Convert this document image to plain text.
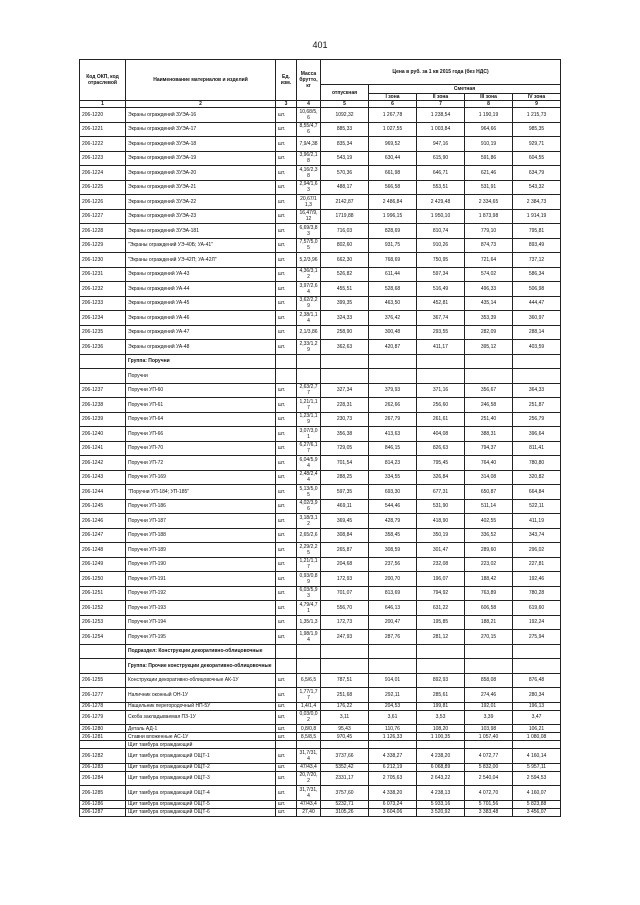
401
Код ОКП, код отраслевой	Наименование материалов и изделий	Ед. изм.	Масса брутто, кг	Цена в руб. за 1 кв 2015 года (без НДС)				
				отпускная	Сметная			
					I зона	II зона	III зона	IV зона
1	2	3	4	5	6	7	8	9
206-1220	Экраны ограждений ЗУЭА-16	шт.	10,68/5,6	1092,32	1 267,78	1 238,54	1 190,19	1 215,73
206-1221	Экраны ограждений ЗУЭА-17	шт.	8,55/4,76	885,33	1 027,55	1 003,84	964,66	985,35
206-1222	Экраны ограждений ЗУЭА-18	шт.	7,9/4,38	835,34	969,52	947,16	910,19	929,71
206-1223	Экраны ограждений ЗУЭА-19	шт.	3,96/2,18	543,19	630,44	615,90	591,86	604,55
206-1224	Экраны ограждений ЗУЭА-20	шт.	4,16/2,38	570,36	661,98	646,71	621,46	634,79
206-1225	Экраны ограждений ЗУЭА-21	шт.	2,94/1,63	488,17	566,58	553,51	531,91	543,32
206-1226	Экраны ограждений ЗУЭА-22	шт.	20,67/11,3	2142,87	2 486,84	2 429,48	2 334,65	2 384,73
206-1227	Экраны ограждений ЗУЭА-23	шт.	16,47/9,12	1719,88	1 996,15	1 950,10	1 873,98	1 914,19
206-1228	Экраны ограждений ЗУЭА-181	шт.	6,69/3,83	716,03	828,69	810,74	779,10	795,81
206-1229	"Экраны ограждений УЭ-40Б; УА-41"	шт.	7,57/5,05	802,60	931,75	910,26	874,73	893,49
206-1230	"Экраны ограждений УЭ-42П; УА-42Л"	шт.	5,2/3,96	662,30	768,69	750,95	721,64	737,12
206-1231	Экраны ограждений УА-43	шт.	4,36/3,12	526,82	611,44	597,34	574,02	586,34
206-1232	Экраны ограждений УА-44	шт.	3,97/2,64	455,51	528,68	516,49	496,33	506,98
206-1233	Экраны ограждений УА-45	шт.	3,62/2,29	399,35	463,50	452,81	435,14	444,47
206-1234	Экраны ограждений УА-46	шт.	2,38/1,14	324,33	376,42	367,74	353,39	360,97
206-1235	Экраны ограждений УА-47	шт.	2,1/3,86	258,90	300,48	293,55	282,09	288,14
206-1236	Экраны ограждений УА-48	шт.	2,33/1,29	362,63	420,87	411,17	395,12	403,59
	Группа: Поручни							
	Поручни							
206-1237	Поручни УП-60	шт.	2,63/2,77	327,34	379,93	371,16	356,67	364,33
206-1238	Поручни УП-61	шт.	1,21/1,17	228,31	262,66	256,60	246,58	251,87
206-1239	Поручни УП-64	шт.	1,23/1,19	230,73	267,79	261,61	251,40	256,79
206-1240	Поручни УП-66	шт.	3,07/3,01	356,38	413,63	404,08	388,31	396,64
206-1241	Поручни УП-70	шт.	6,27/6,17	729,05	846,15	826,63	794,37	811,41
206-1242	Поручни УП-72	шт.	6,04/5,94	701,54	814,23	795,45	764,40	780,80
206-1243	Поручни УП-169	шт.	2,48/2,44	288,25	334,55	326,84	314,08	320,82
206-1244	"Поручни УП-184; УП-185"	шт.	5,13/5,05	597,35	693,30	677,31	650,87	664,84
206-1245	Поручни УП-186	шт.	4,02/3,96	469,11	544,46	531,90	511,14	522,11
206-1246	Поручни УП-187	шт.	3,18/3,12	369,45	428,79	418,90	402,55	411,19
206-1247	Поручни УП-188	шт.	2,65/2,6	308,84	358,45	350,19	336,52	343,74
206-1248	Поручни УП-189	шт.	2,29/2,25	265,87	308,59	301,47	289,60	296,02
206-1249	Поручни УП-190	шт.	1,21/1,17	204,68	237,56	232,08	223,02	227,81
206-1250	Поручни УП-191	шт.	0,93/0,89	172,93	200,70	196,07	188,42	192,46
206-1251	Поручни УП-192	шт.	6,03/5,93	701,07	813,69	794,92	763,89	780,28
206-1252	Поручни УП-193	шт.	4,79/4,71	556,70	646,13	631,22	606,58	619,60
206-1253	Поручни УП-194	шт.	1,35/1,3	172,73	200,47	195,85	188,21	192,24
206-1254	Поручни УП-195	шт.	1,98/1,94	247,93	287,76	281,12	270,15	275,94
	Подраздел: Конструкции декоративно-облицовочные							
	Группа: Прочие конструкции декоративно-облицовочные							
206-1255	Конструкции декоративно-облицовочные АК-1У	шт.	6,5/6,5	787,51	914,01	892,93	858,08	876,48
206-1277	Наличник оконный ОН-1У	шт.	1,77/1,77	251,68	292,11	285,61	274,46	280,34
206-1278	Нащельник перегородочный НП-5У	шт.	1,4/1,4	176,22	204,53	199,81	192,01	196,13
206-1279	Скоба закладываемая ПЗ-1У	шт.	0,03/0,02	3,11	3,61	3,53	3,39	3,47
206-1280	Деталь АД-1	шт.	0,8/0,8	95,43	110,76	108,20	103,98	106,21
206-1281	Ставни вложенные АС-1У	шт.	8,5/8,5	970,45	1 126,33	1 100,35	1 057,40	1 080,08
	Щит тамбура ограждающий							
206-1282	Щит тамбура ограждающий ОЩТ-1	шт.	31,7/31,4	3737,66	4 338,27	4 238,20	4 072,77	4 160,14
206-1283	Щит тамбура ограждающий ОЩТ-2	шт.	47/43,4	5352,42	6 212,19	6 068,89	5 832,00	5 957,11
206-1284	Щит тамбура ограждающий ОЩТ-3	шт.	20,7/20,2	2331,17	2 705,63	2 643,22	2 540,04	2 594,53
206-1285	Щит тамбура ограждающий ОЩТ-4	шт.	31,7/31,4	3757,60	4 338,20	4 238,13	4 072,70	4 160,07
206-1286	Щит тамбура ограждающий ОЩТ-5	шт.	47/43,4	5232,71	6 073,24	5 933,16	5 701,56	5 823,88
206-1287	Щит тамбура ограждающий ОЩТ-6	шт.	27,40	3105,26	3 604,06	3 520,92	3 383,48	3 456,07
